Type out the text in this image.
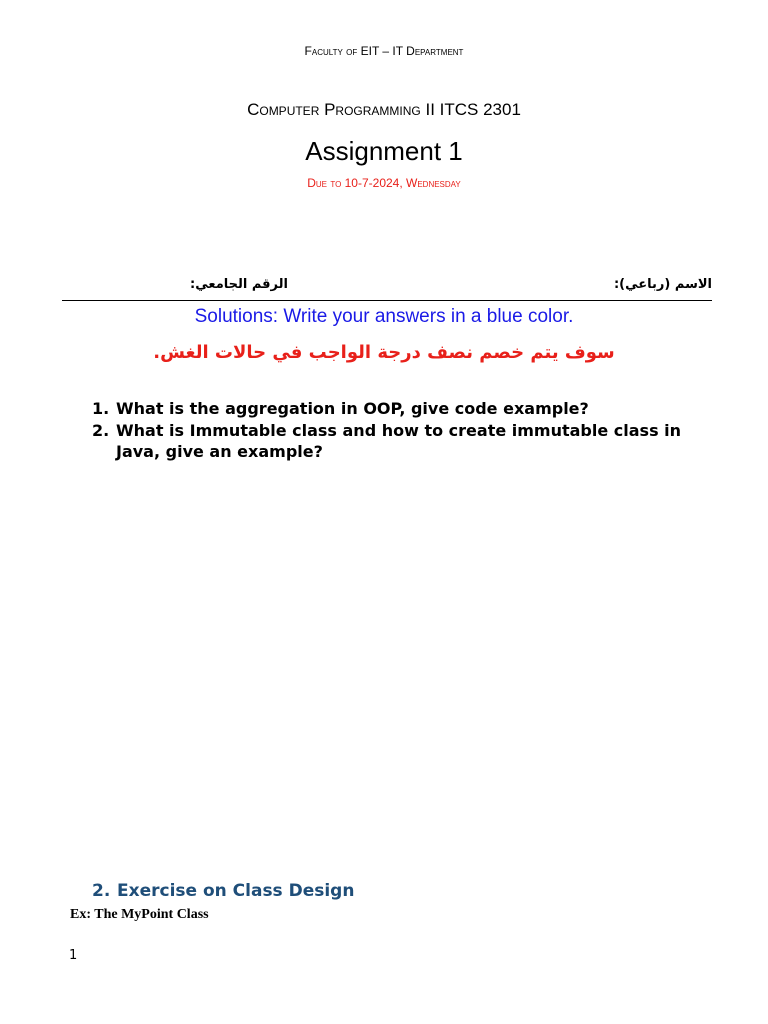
Faculty of EIT – IT Department
Computer Programming II ITCS 2301
Assignment 1
Due to 10-7-2024, Wednesday
الاسم (رباعي):
الرقم الجامعي:
Solutions: Write your answers in a blue color.
سوف يتم خصم نصف درجة الواجب في حالات الغش.
1. What is the aggregation in OOP, give code example?
2. What is Immutable class and how to create immutable class in Java, give an example?
2. Exercise on Class Design
Ex: The MyPoint Class
1
